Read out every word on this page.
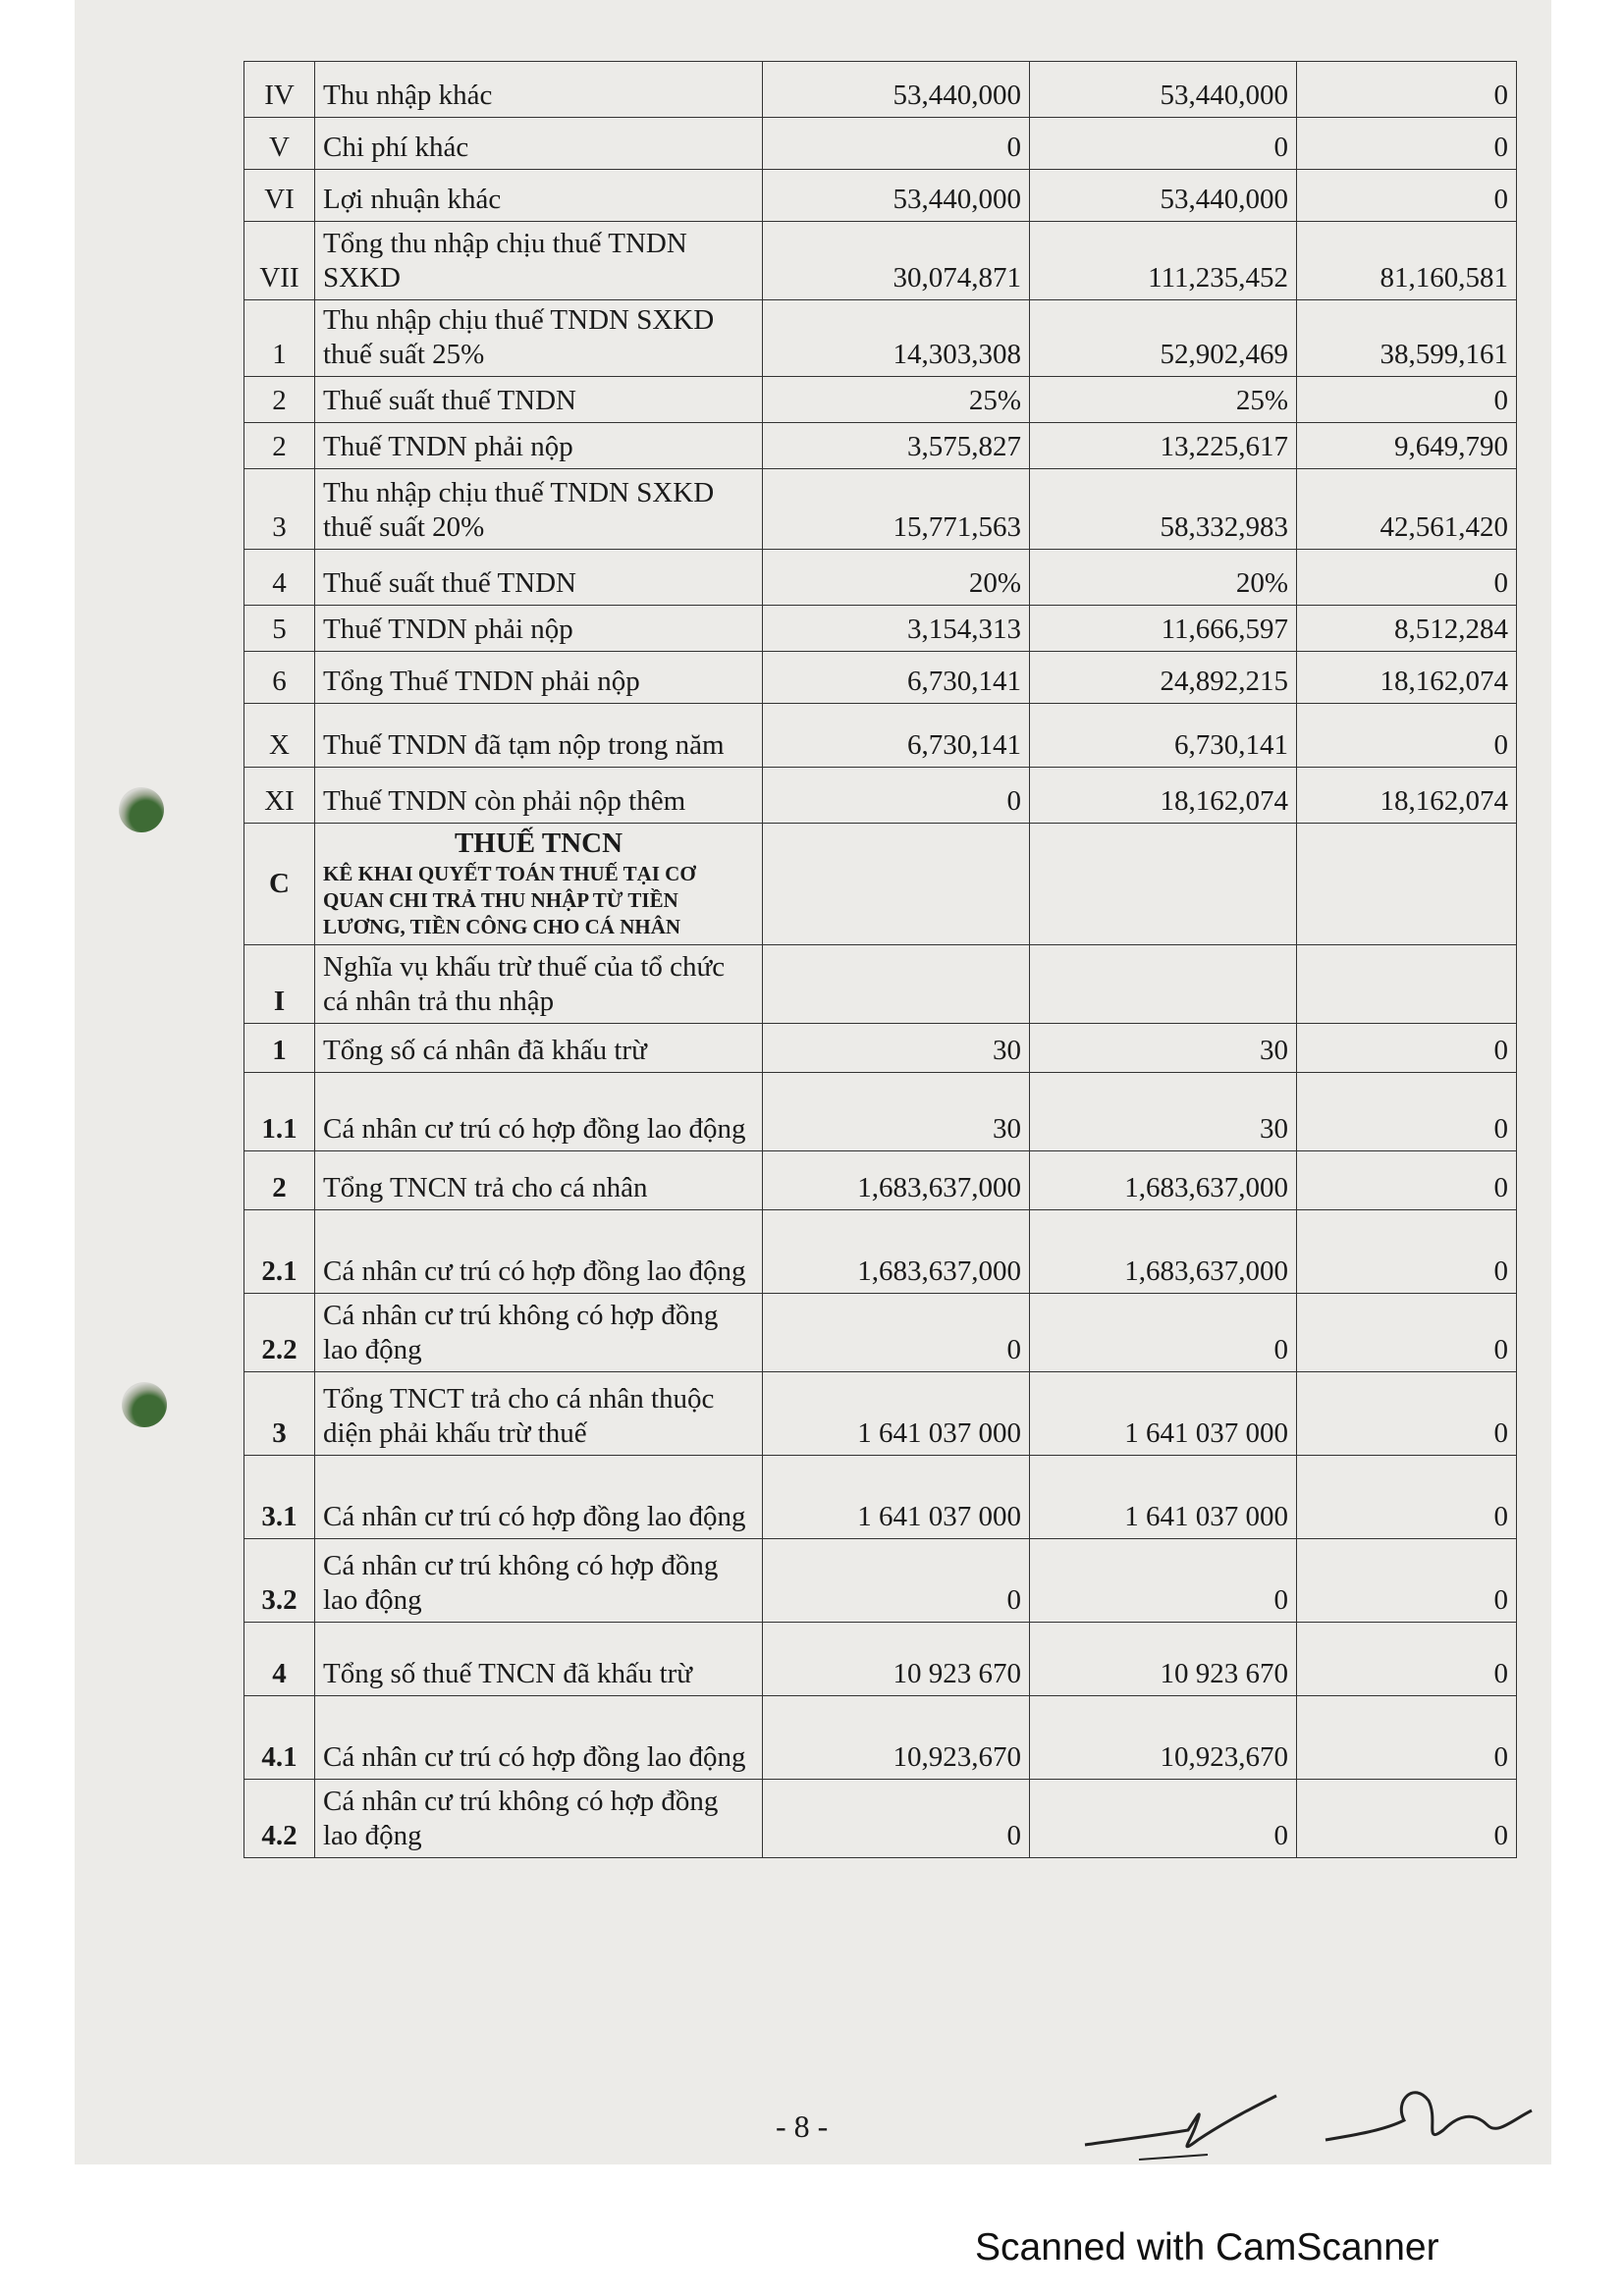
IV	Thu nhập khác	53,440,000	53,440,000	0
V	Chi phí khác	0	0	0
VI	Lợi nhuận khác	53,440,000	53,440,000	0
VII	Tổng thu nhập chịu thuế TNDN SXKD	30,074,871	111,235,452	81,160,581
1	Thu nhập chịu thuế TNDN SXKD thuế suất 25%	14,303,308	52,902,469	38,599,161
2	Thuế suất thuế TNDN	25%	25%	0
2	Thuế TNDN phải nộp	3,575,827	13,225,617	9,649,790
3	Thu nhập chịu thuế TNDN SXKD thuế suất 20%	15,771,563	58,332,983	42,561,420
4	Thuế suất thuế TNDN	20%	20%	0
5	Thuế TNDN phải nộp	3,154,313	11,666,597	8,512,284
6	Tổng Thuế TNDN phải nộp	6,730,141	24,892,215	18,162,074
X	Thuế TNDN đã tạm nộp trong năm	6,730,141	6,730,141	0
XI	Thuế TNDN còn phải nộp thêm	0	18,162,074	18,162,074
C	THUẾ TNCN
KÊ KHAI QUYẾT TOÁN THUẾ TẠI CƠ QUAN CHI TRẢ THU NHẬP TỪ TIỀN LƯƠNG, TIỀN CÔNG CHO CÁ NHÂN			

I	Nghĩa vụ khấu trừ thuế của tổ chức cá nhân trả thu nhập			
1	Tổng số cá nhân đã khấu trừ	30	30	0
1.1	Cá nhân cư trú có hợp đồng lao động	30	30	0
2	Tổng TNCN trả cho cá nhân	1,683,637,000	1,683,637,000	0
2.1	Cá nhân cư trú có hợp đồng lao động	1,683,637,000	1,683,637,000	0
2.2	Cá nhân cư trú không có hợp đồng lao động	0	0	0
3	Tổng TNCT trả cho cá nhân thuộc diện phải khấu trừ thuế	1 641 037 000	1 641 037 000	0
3.1	Cá nhân cư trú có hợp đồng lao động	1 641 037 000	1 641 037 000	0
3.2	Cá nhân cư trú không có hợp đồng lao động	0	0	0
4	Tổng số thuế TNCN đã khấu trừ	10 923 670	10 923 670	0
4.1	Cá nhân cư trú có hợp đồng lao động	10,923,670	10,923,670	0
4.2	Cá nhân cư trú không có hợp đồng lao động	0	0	0
- 8 -
Scanned with CamScanner
